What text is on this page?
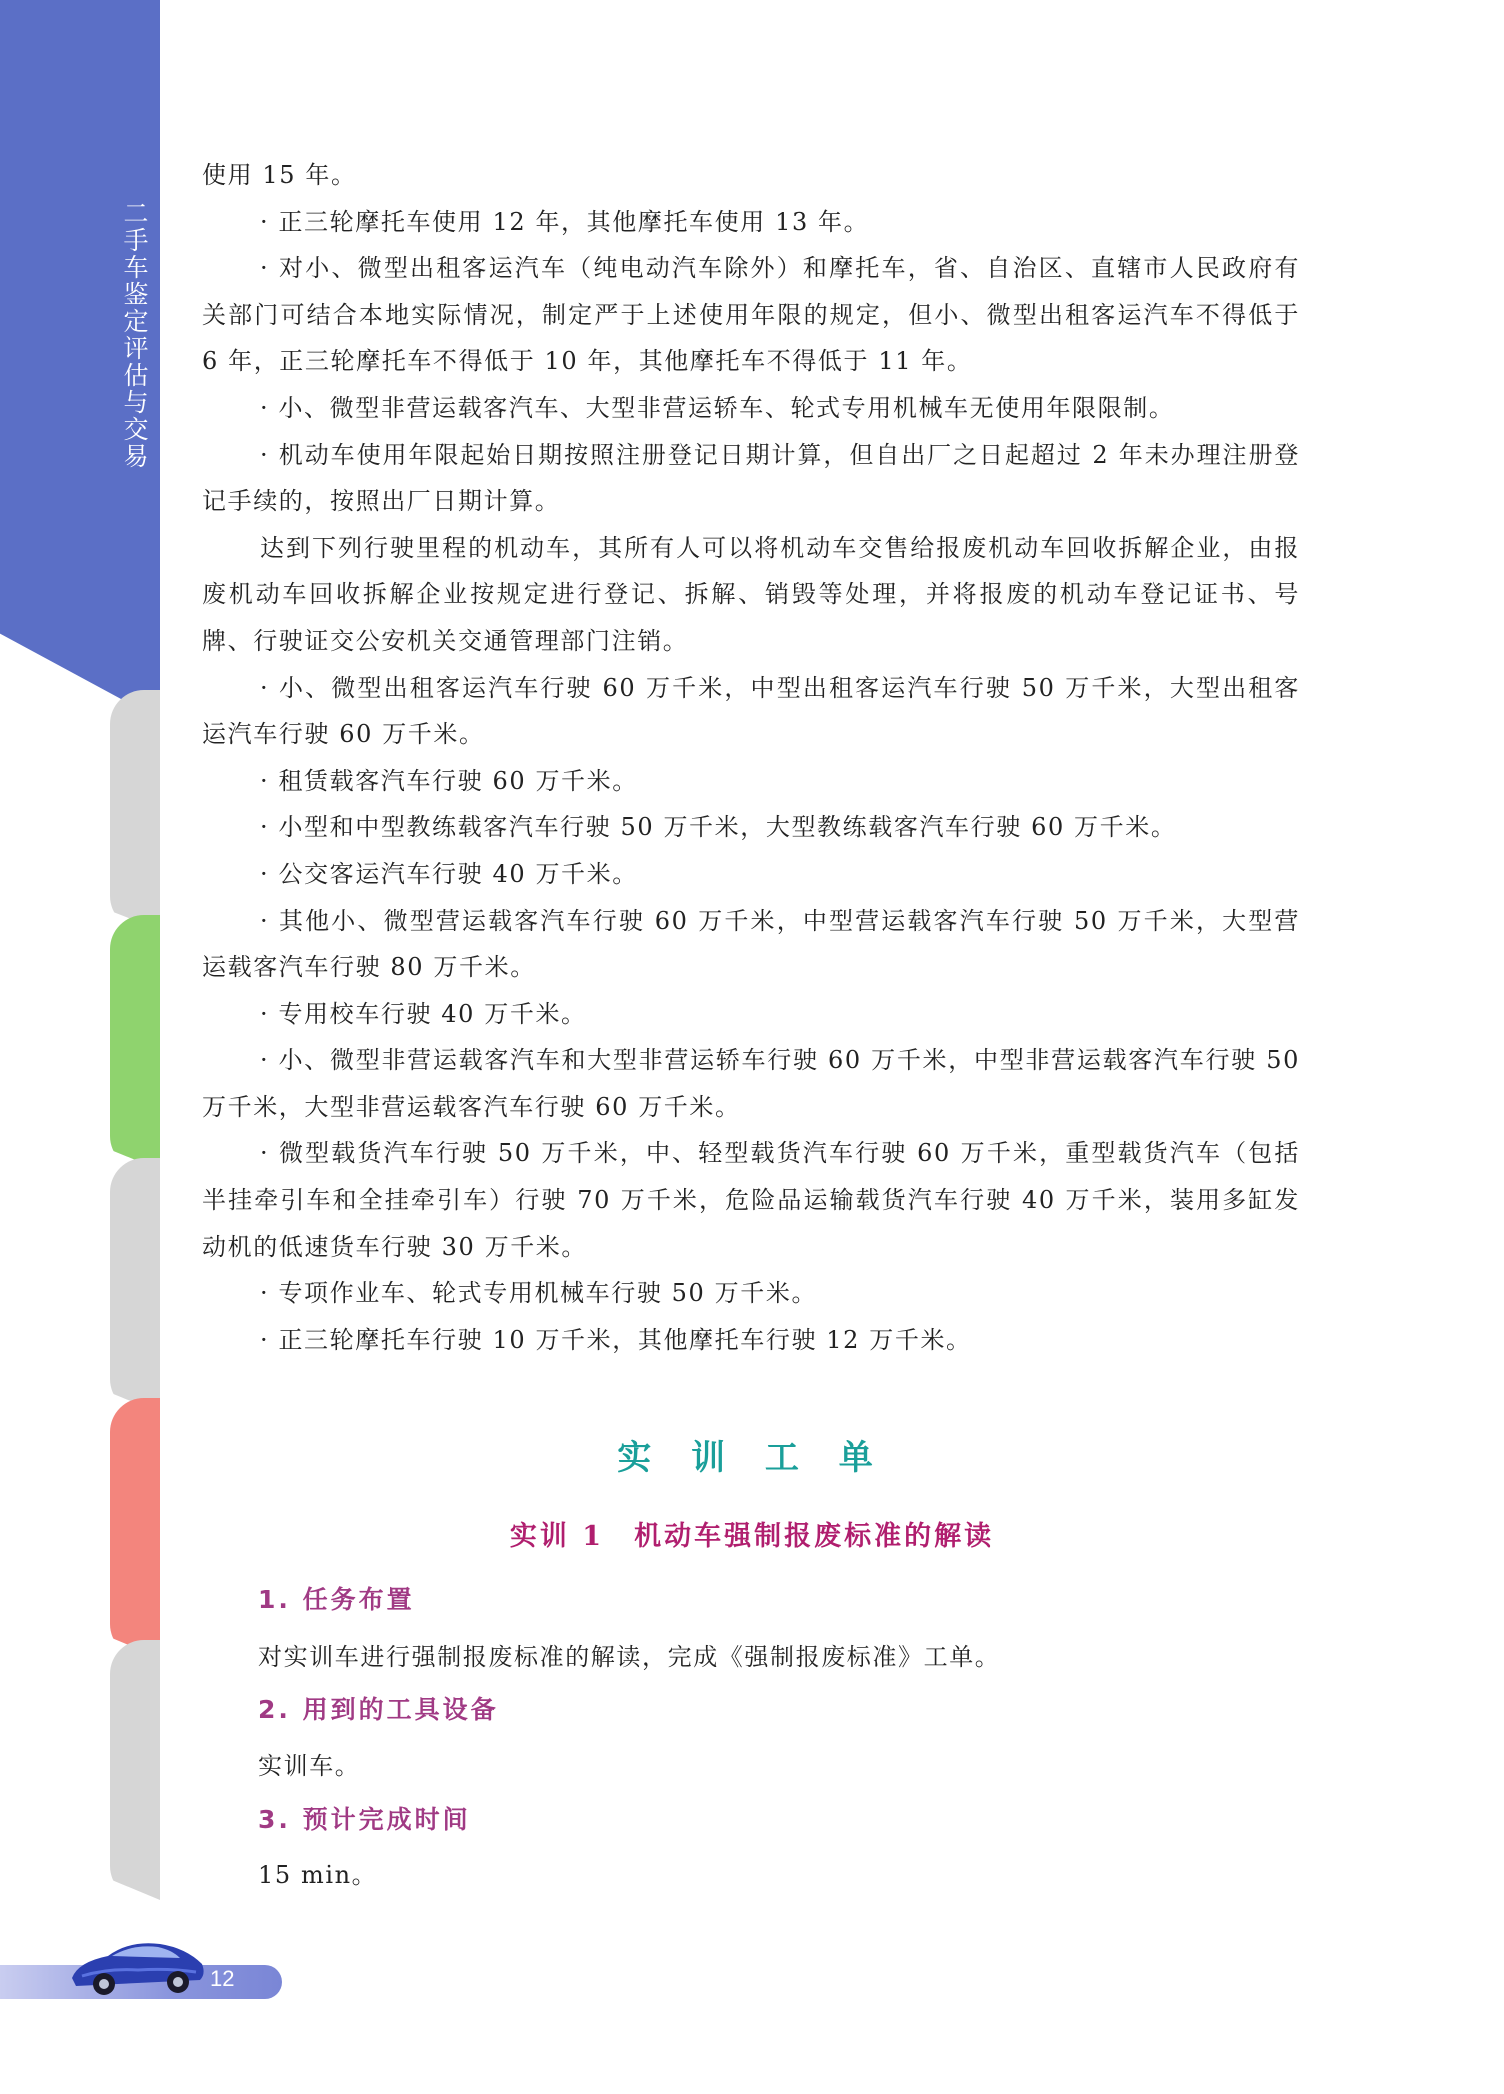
二手车鉴定评估与交易

使用 15 年。

· 正三轮摩托车使用 12 年，其他摩托车使用 13 年。

· 对小、微型出租客运汽车（纯电动汽车除外）和摩托车，省、自治区、直辖市人民政府有关部门可结合本地实际情况，制定严于上述使用年限的规定，但小、微型出租客运汽车不得低于 6 年，正三轮摩托车不得低于 10 年，其他摩托车不得低于 11 年。

· 小、微型非营运载客汽车、大型非营运轿车、轮式专用机械车无使用年限限制。

· 机动车使用年限起始日期按照注册登记日期计算，但自出厂之日起超过 2 年未办理注册登记手续的，按照出厂日期计算。

达到下列行驶里程的机动车，其所有人可以将机动车交售给报废机动车回收拆解企业，由报废机动车回收拆解企业按规定进行登记、拆解、销毁等处理，并将报废的机动车登记证书、号牌、行驶证交公安机关交通管理部门注销。

· 小、微型出租客运汽车行驶 60 万千米，中型出租客运汽车行驶 50 万千米，大型出租客运汽车行驶 60 万千米。

· 租赁载客汽车行驶 60 万千米。

· 小型和中型教练载客汽车行驶 50 万千米，大型教练载客汽车行驶 60 万千米。

· 公交客运汽车行驶 40 万千米。

· 其他小、微型营运载客汽车行驶 60 万千米，中型营运载客汽车行驶 50 万千米，大型营运载客汽车行驶 80 万千米。

· 专用校车行驶 40 万千米。

· 小、微型非营运载客汽车和大型非营运轿车行驶 60 万千米，中型非营运载客汽车行驶 50 万千米，大型非营运载客汽车行驶 60 万千米。

· 微型载货汽车行驶 50 万千米，中、轻型载货汽车行驶 60 万千米，重型载货汽车（包括半挂牵引车和全挂牵引车）行驶 70 万千米，危险品运输载货汽车行驶 40 万千米，装用多缸发动机的低速货车行驶 30 万千米。

· 专项作业车、轮式专用机械车行驶 50 万千米。

· 正三轮摩托车行驶 10 万千米，其他摩托车行驶 12 万千米。

实 训 工 单
实训 1　机动车强制报废标准的解读
1. 任务布置
对实训车进行强制报废标准的解读，完成《强制报废标准》工单。
2. 用到的工具设备
实训车。
3. 预计完成时间
15 min。
12
